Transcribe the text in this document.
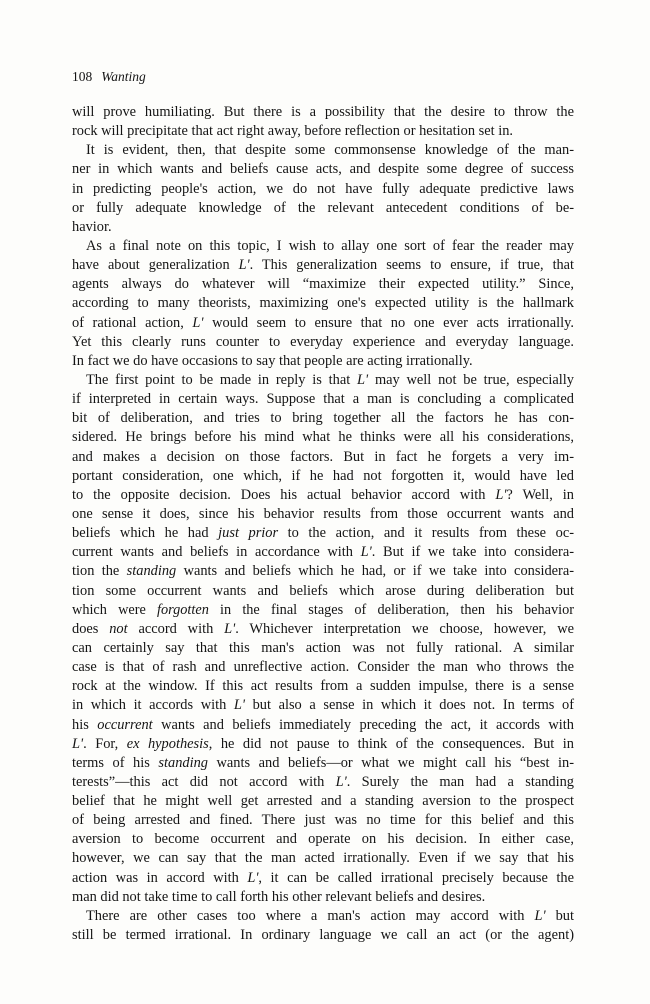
108 Wanting
will prove humiliating. But there is a possibility that the desire to throw the
rock will precipitate that act right away, before reflection or hesitation set in.
It is evident, then, that despite some commonsense knowledge of the man-
ner in which wants and beliefs cause acts, and despite some degree of success
in predicting people's action, we do not have fully adequate predictive laws
or fully adequate knowledge of the relevant antecedent conditions of be-
havior.
As a final note on this topic, I wish to allay one sort of fear the reader may
have about generalization L'. This generalization seems to ensure, if true, that
agents always do whatever will “maximize their expected utility.” Since,
according to many theorists, maximizing one's expected utility is the hallmark
of rational action, L' would seem to ensure that no one ever acts irrationally.
Yet this clearly runs counter to everyday experience and everyday language.
In fact we do have occasions to say that people are acting irrationally.
The first point to be made in reply is that L' may well not be true, especially
if interpreted in certain ways. Suppose that a man is concluding a complicated
bit of deliberation, and tries to bring together all the factors he has con-
sidered. He brings before his mind what he thinks were all his considerations,
and makes a decision on those factors. But in fact he forgets a very im-
portant consideration, one which, if he had not forgotten it, would have led
to the opposite decision. Does his actual behavior accord with L'? Well, in
one sense it does, since his behavior results from those occurrent wants and
beliefs which he had just prior to the action, and it results from these oc-
current wants and beliefs in accordance with L'. But if we take into considera-
tion the standing wants and beliefs which he had, or if we take into considera-
tion some occurrent wants and beliefs which arose during deliberation but
which were forgotten in the final stages of deliberation, then his behavior
does not accord with L'. Whichever interpretation we choose, however, we
can certainly say that this man's action was not fully rational. A similar
case is that of rash and unreflective action. Consider the man who throws the
rock at the window. If this act results from a sudden impulse, there is a sense
in which it accords with L' but also a sense in which it does not. In terms of
his occurrent wants and beliefs immediately preceding the act, it accords with
L'. For, ex hypothesis, he did not pause to think of the consequences. But in
terms of his standing wants and beliefs—or what we might call his “best in-
terests”—this act did not accord with L'. Surely the man had a standing
belief that he might well get arrested and a standing aversion to the prospect
of being arrested and fined. There just was no time for this belief and this
aversion to become occurrent and operate on his decision. In either case,
however, we can say that the man acted irrationally. Even if we say that his
action was in accord with L', it can be called irrational precisely because the
man did not take time to call forth his other relevant beliefs and desires.
There are other cases too where a man's action may accord with L' but
still be termed irrational. In ordinary language we call an act (or the agent)
